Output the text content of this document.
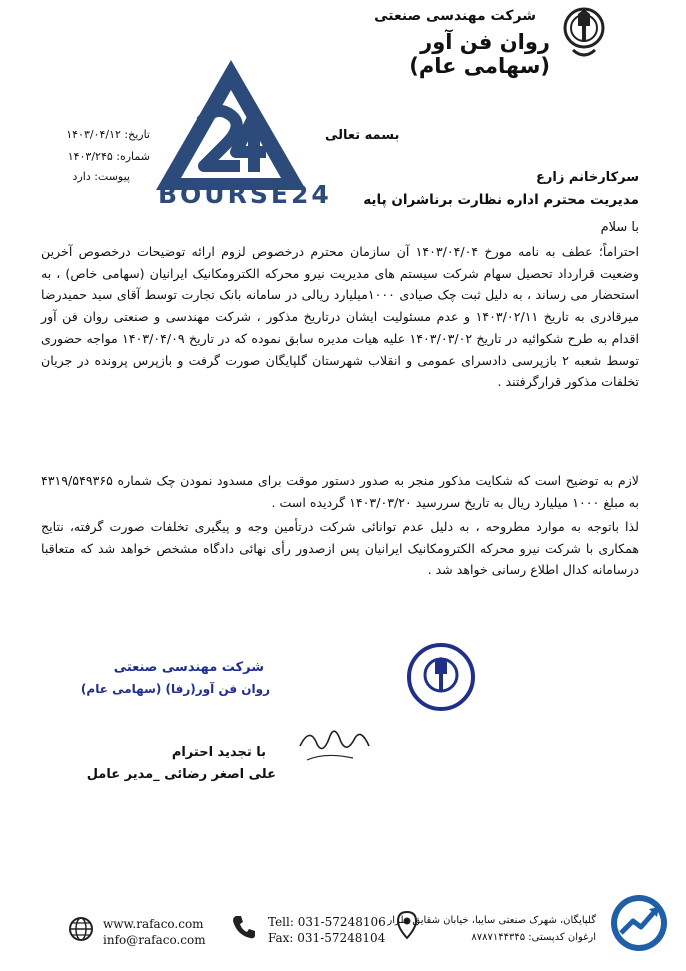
شرکت مهندسی صنعتی
روان فن آور (سهامی عام)
تاریخ: ۱۴۰۳/۰۴/۱۲
شماره: ۱۴۰۳/۲۴۵
پیوست: دارد
بسمه تعالی
BOURSE24
سرکارخانم زارع
مدیریت محترم اداره نظارت برناشران پایه
با سلام
احتراماً؛ عطف به نامه مورخ ۱۴۰۳/۰۴/۰۴ آن سازمان محترم درخصوص لزوم ارائه توضیحات درخصوص آخرین وضعیت قرارداد تحصیل سهام شرکت سیستم های مدیریت نیرو محرکه الکترومکانیک ایرانیان (سهامی خاص) ، به استحضار می رساند ، به دلیل ثبت چک صیادی ۱۰۰۰میلیارد ریالی در سامانه بانک تجارت توسط آقای سید حمیدرضا میرقادری به تاریخ ۱۴۰۳/۰۲/۱۱ و عدم مسئولیت ایشان درتاریخ مذکور ، شرکت مهندسی و صنعتی روان فن آور اقدام به طرح شکوائیه در تاریخ ۱۴۰۳/۰۳/۰۲ علیه هیات مدیره سابق نموده که در تاریخ ۱۴۰۳/۰۴/۰۹ مواجه حضوری توسط شعبه ۲ بازپرسی دادسرای عمومی و انقلاب شهرستان گلپایگان صورت گرفت و بازپرس پرونده در جریان تخلفات مذکور قرارگرفتند .
لازم به توضیح است که شکایت مذکور منجر به صدور دستور موقت برای مسدود نمودن چک شماره ۴۳۱۹/۵۴۹۳۶۵ به مبلغ ۱۰۰۰ میلیارد ریال به تاریخ سررسید ۱۴۰۳/۰۳/۲۰ گردیده است .
لذا باتوجه به موارد مطروحه ، به دلیل عدم توانائی شرکت درتأمین وجه و پیگیری تخلفات صورت گرفته، نتایج همکاری با شرکت نیرو محرکه الکترومکانیک ایرانیان پس ازصدور رأی نهائی دادگاه مشخص خواهد شد که متعاقبا درسامانه کدال اطلاع رسانی خواهد شد .
شرکت مهندسی صنعتی
روان فن آور(رفا) (سهامی عام)
با تجدید احترام
علی اصغر رضائی _مدیر عامل
www.rafaco.com
info@rafaco.com
Tell: 031-57248106
Fax: 031-57248104
گلپایگان، شهرک صنعتی سایبا، خیابان شقایق ملزار
ارغوان کدپستی: ۸۷۸۷۱۴۴۳۴۵
